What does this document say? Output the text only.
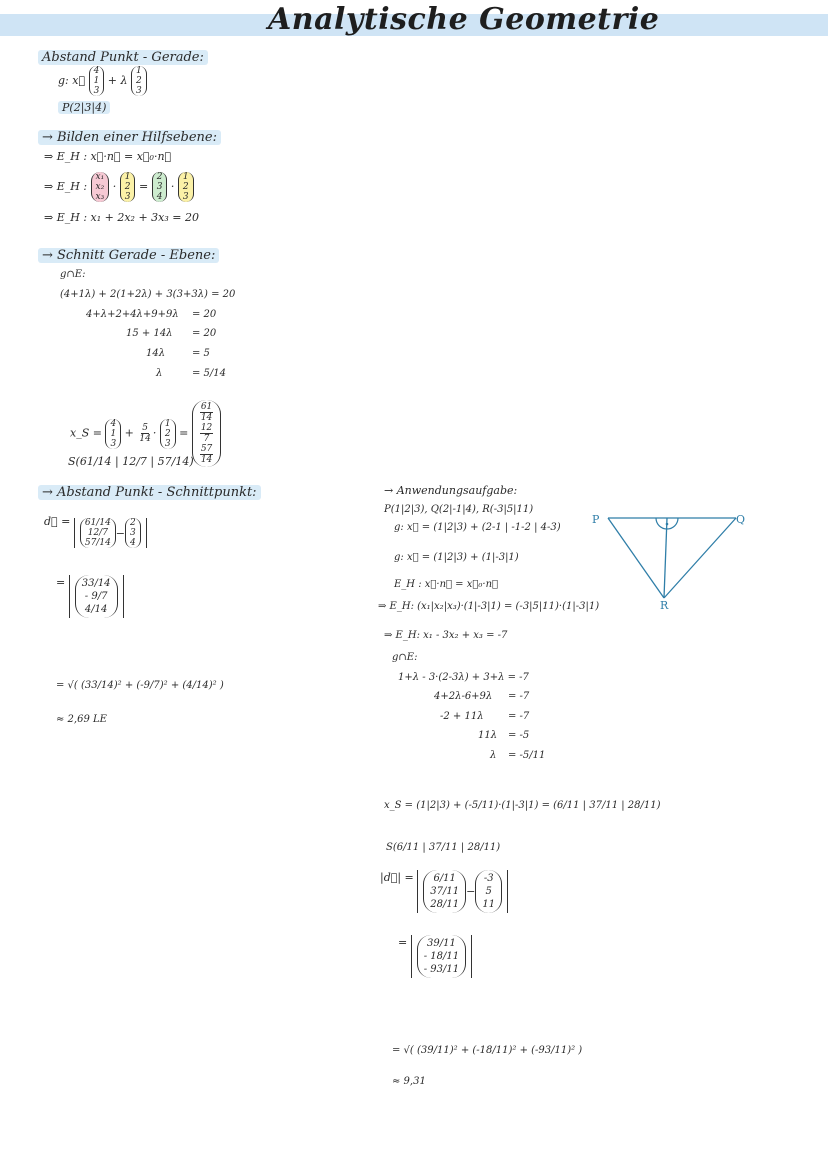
Analytische Geometrie
Abstand Punkt - Gerade:
g: x⃗
4
1
3
+ λ
1
2
3
P(2|3|4)
→ Bilden einer Hilfsebene:
⇒ E_H : x⃗·n⃗ = x⃗₀·n⃗
⇒ E_H :
x₁
x₂
x₃
·
1
2
3
=
2
3
4
·
1
2
3
⇒ E_H : x₁ + 2x₂ + 3x₃ = 20
→ Schnitt Gerade - Ebene:
g∩E:
(4+1λ) + 2(1+2λ) + 3(3+3λ) = 20
4+λ+2+4λ+9+9λ = 20
15 + 14λ = 20
14λ	= 5
λ	= 5/14
x_S =
4
1
3
+ $\frac{5}{14}$ ·
1
2
3
=
$\frac{61}{14}$
$\frac{12}{7}$
$\frac{57}{14}$
S(61/14 | 12/7 | 57/14)
→ Abstand Punkt - Schnittpunkt:
d⃗ = 61/14
12/7
57/14
−
2
3
4
= 33/14
- 9/7
4/14
= √( (33/14)² + (-9/7)² + (4/14)² )
≈ 2,69 LE
→ Anwendungsaufgabe:
P(1|2|3), Q(2|-1|4), R(-3|5|11)
g: x⃗ = (1|2|3) + (2-1 | -1-2 | 4-3)
g: x⃗ = (1|2|3) + (1|-3|1)
E_H : x⃗·n⃗ = x⃗₀·n⃗
⇒ E_H: (x₁|x₂|x₃)·(1|-3|1) = (-3|5|11)·(1|-3|1)
⇒ E_H: x₁ - 3x₂ + x₃ = -7
g∩E:
1+λ - 3·(2-3λ) + 3+λ = -7
4+2λ-6+9λ = -7
-2 + 11λ = -7
11λ = -5
λ = -5/11
x_S = (1|2|3) + (-5/11)·(1|-3|1) = (6/11 | 37/11 | 28/11)
S(6/11 | 37/11 | 28/11)
|d⃗| = 6/11
37/11
28/11
−
-3
5
11
= 39/11
- 18/11
- 93/11
= √( (39/11)² + (-18/11)² + (-93/11)² )
≈ 9,31
P	Q
R
